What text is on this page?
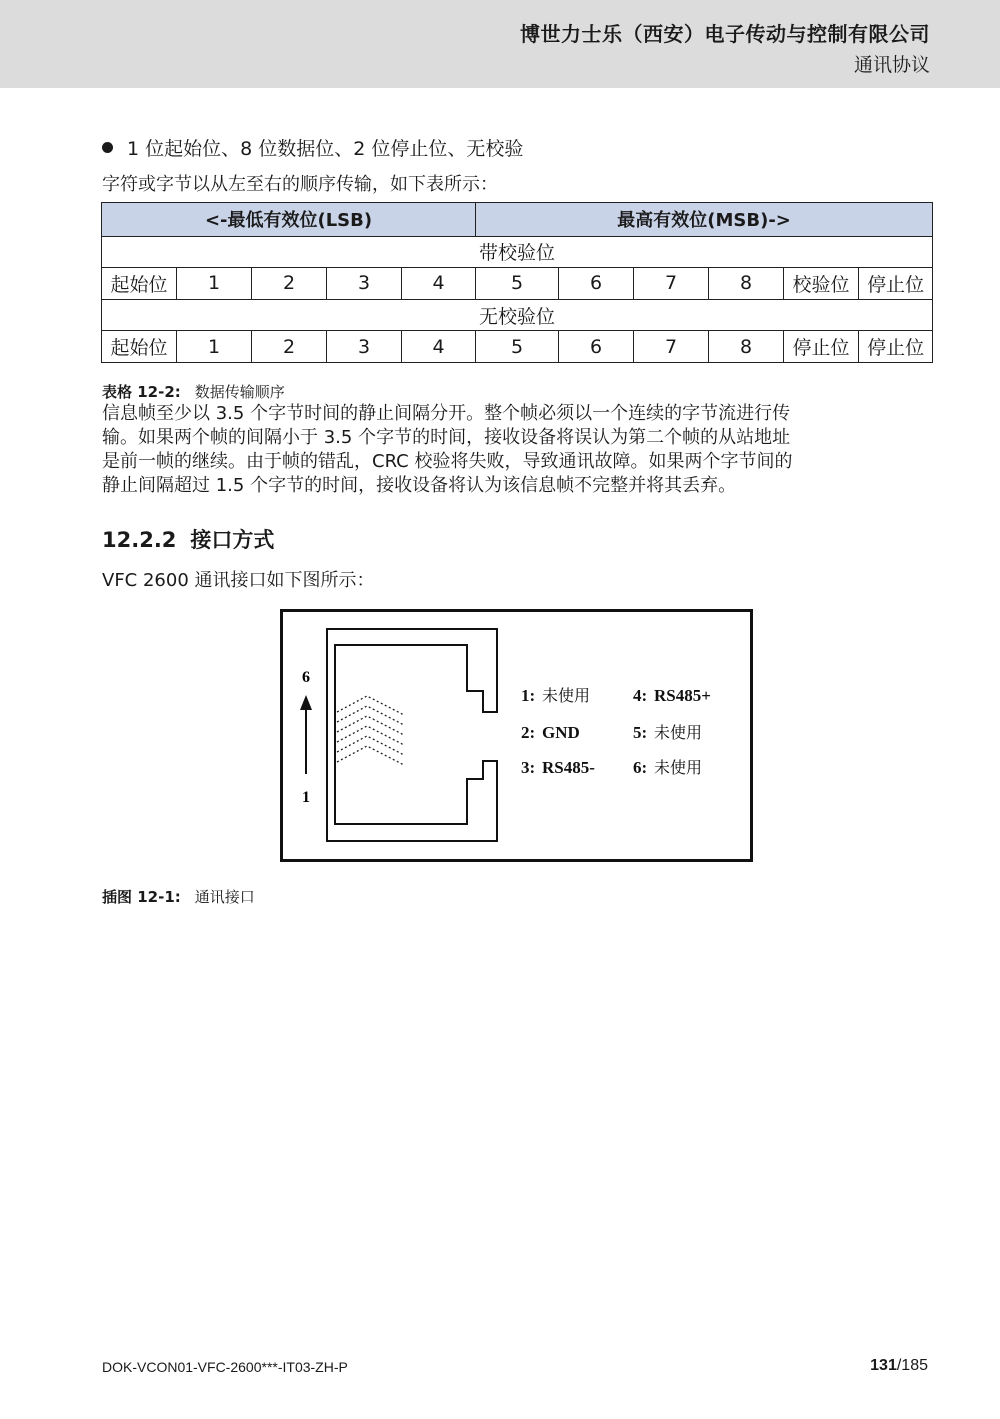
博世力士乐（西安）电子传动与控制有限公司
通讯协议
1 位起始位、8 位数据位、2 位停止位、无校验
字符或字节以从左至右的顺序传输，如下表所示：
<-最低有效位(LSB)					最高有效位(MSB)->					
带校验位										
起始位	1	2	3	4	5	6	7	8	校验位	停止位
无校验位										
起始位	1	2	3	4	5	6	7	8	停止位	停止位
表格 12-2: 数据传输顺序
信息帧至少以 3.5 个字节时间的静止间隔分开。整个帧必须以一个连续的字节流进行传
输。如果两个帧的间隔小于 3.5 个字节的时间，接收设备将误认为第二个帧的从站地址
是前一帧的继续。由于帧的错乱，CRC 校验将失败，导致通讯故障。如果两个字节间的
静止间隔超过 1.5 个字节的时间，接收设备将认为该信息帧不完整并将其丢弃。
12.2.2 接口方式
VFC 2600 通讯接口如下图所示：
6
1
1: 未使用
2: GND
3: RS485-
4: RS485+
5: 未使用
6: 未使用
插图 12-1: 通讯接口
DOK-VCON01-VFC-2600***-IT03-ZH-P	131/185
